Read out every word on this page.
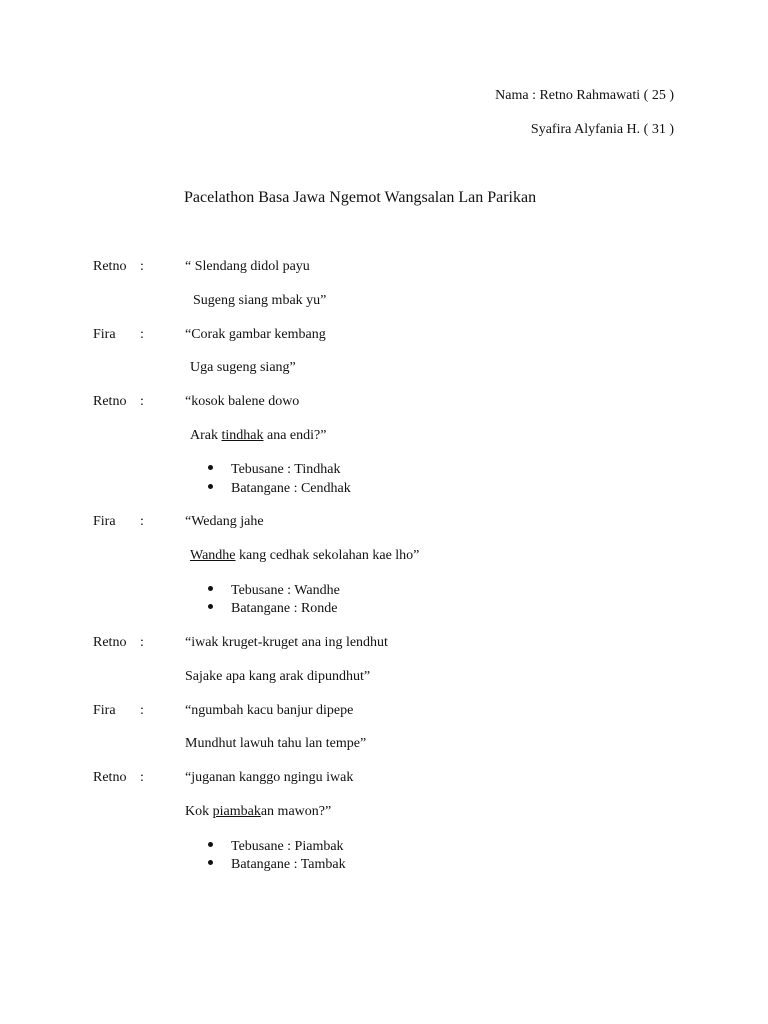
Nama : Retno Rahmawati ( 25 )
Syafira Alyfania H. ( 31 )
Pacelathon Basa Jawa Ngemot Wangsalan Lan Parikan
Retno :	“ Slendang didol payu
Sugeng siang mbak yu”
Fira :	“Corak gambar kembang
Uga sugeng siang”
Retno :	“kosok balene dowo
Arak tindhak ana endi?”
Tebusane : Tindhak
Batangane : Cendhak
Fira :	“Wedang jahe
Wandhe kang cedhak sekolahan kae lho”
Tebusane : Wandhe
Batangane : Ronde
Retno :	“iwak kruget-kruget ana ing lendhut
Sajake apa kang arak dipundhut”
Fira :	“ngumbah kacu banjur dipepe
Mundhut lawuh tahu lan tempe”
Retno :	“juganan kanggo ngingu iwak
Kok piambakan mawon?”
Tebusane : Piambak
Batangane : Tambak
